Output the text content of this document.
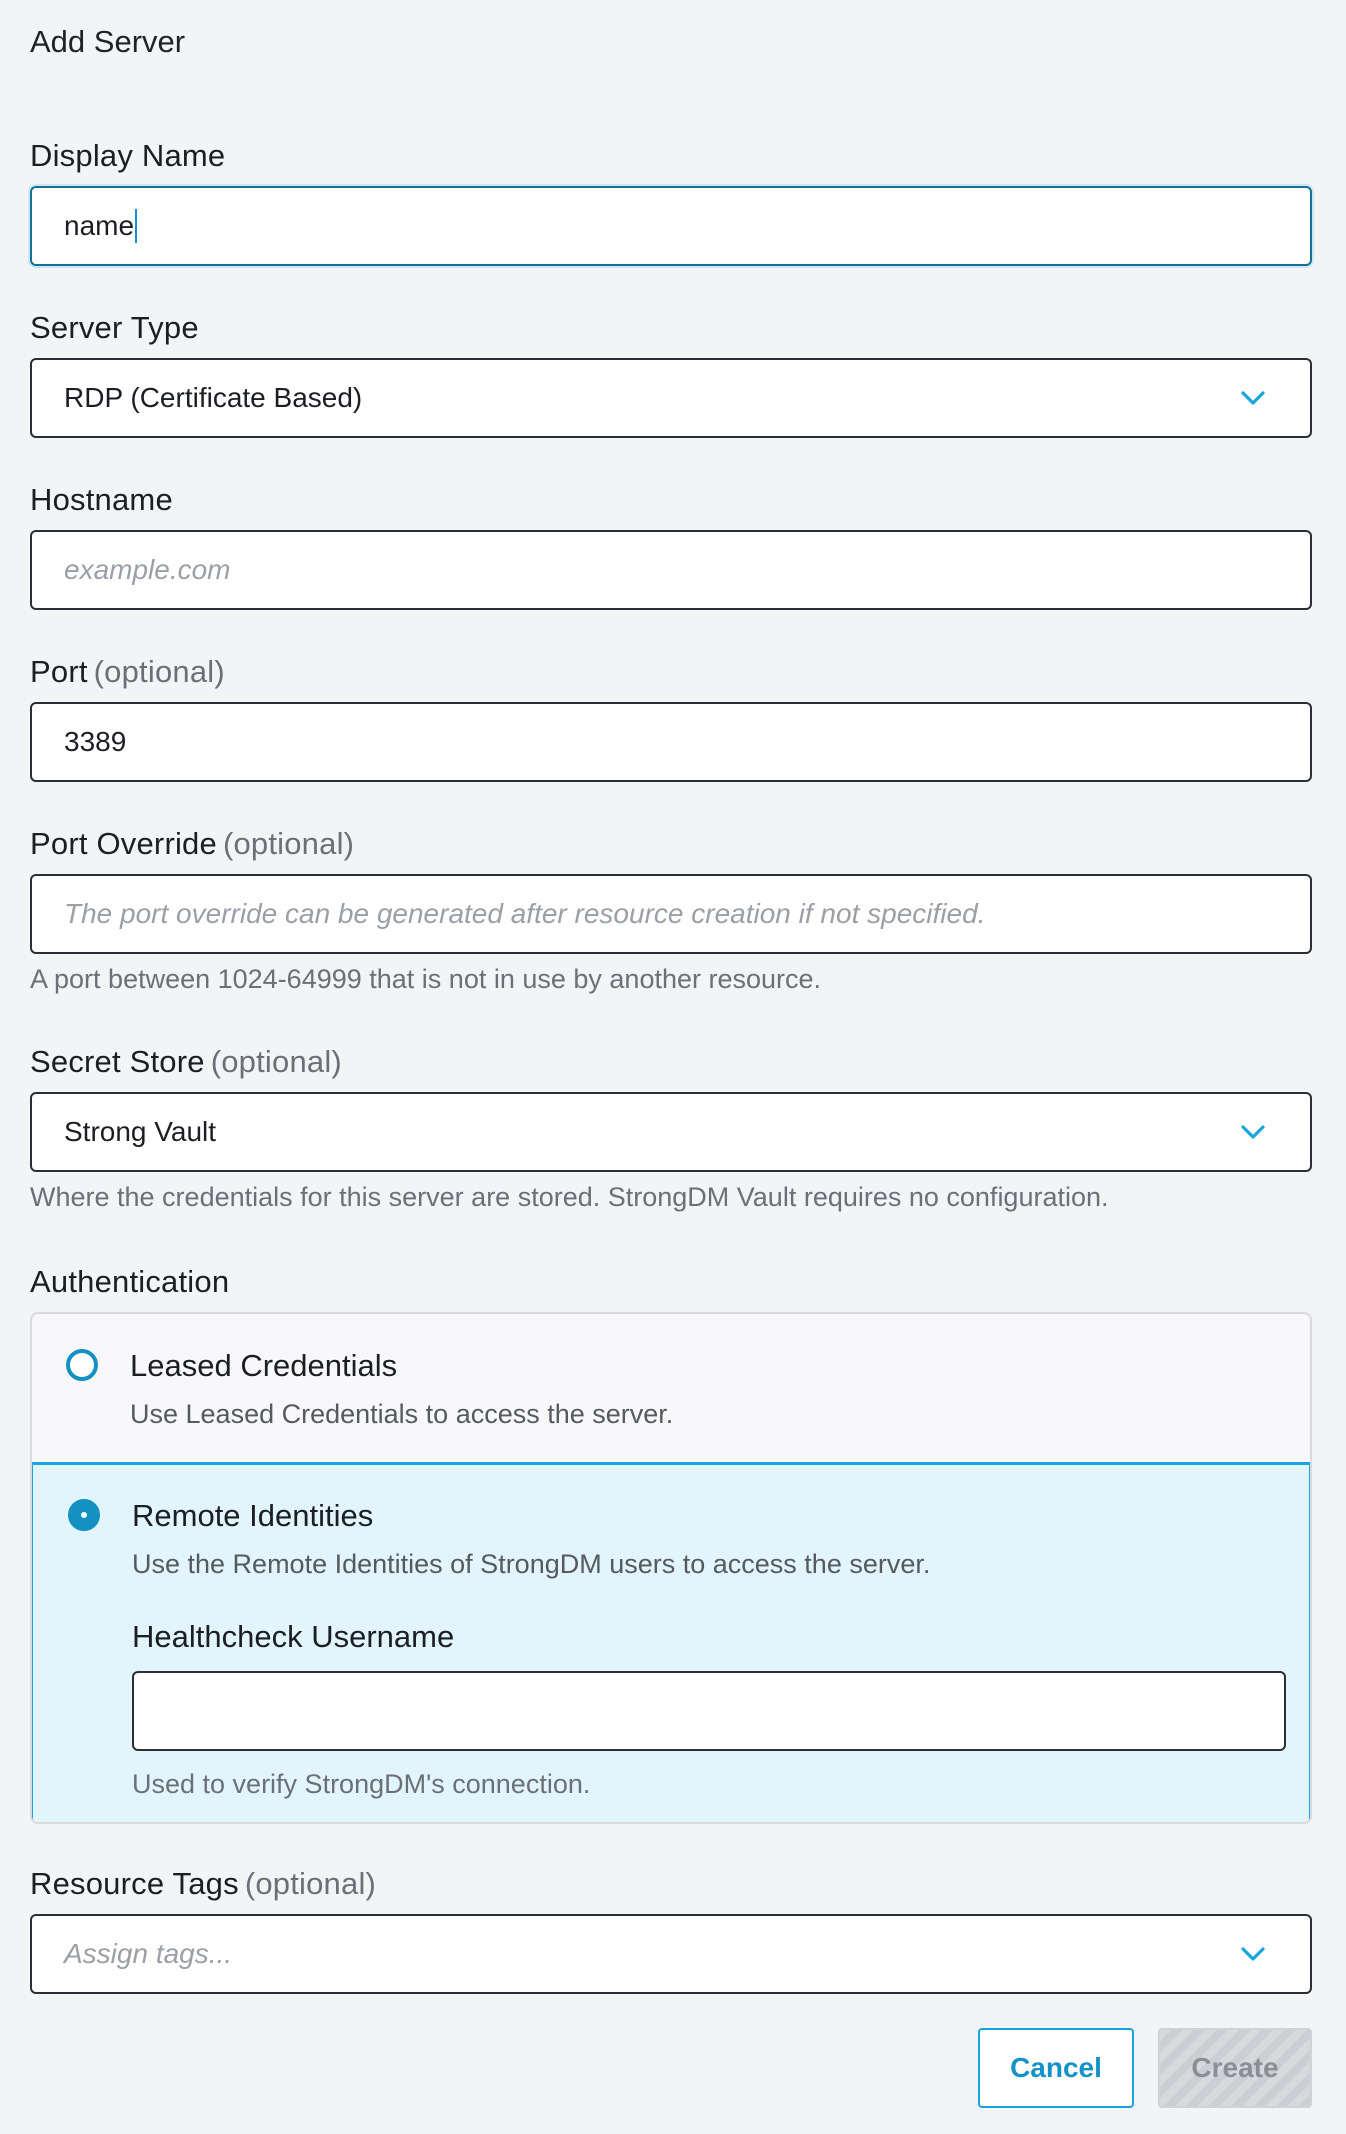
Add Server
Display Name
name
Server Type
RDP (Certificate Based)
Hostname
example.com
Port (optional)
3389
Port Override (optional)
The port override can be generated after resource creation if not specified.
A port between 1024-64999 that is not in use by another resource.
Secret Store (optional)
Strong Vault
Where the credentials for this server are stored. StrongDM Vault requires no configuration.
Authentication
Leased Credentials
Use Leased Credentials to access the server.
Remote Identities
Use the Remote Identities of StrongDM users to access the server.
Healthcheck Username
Used to verify StrongDM's connection.
Resource Tags (optional)
Assign tags...
Cancel	Create
